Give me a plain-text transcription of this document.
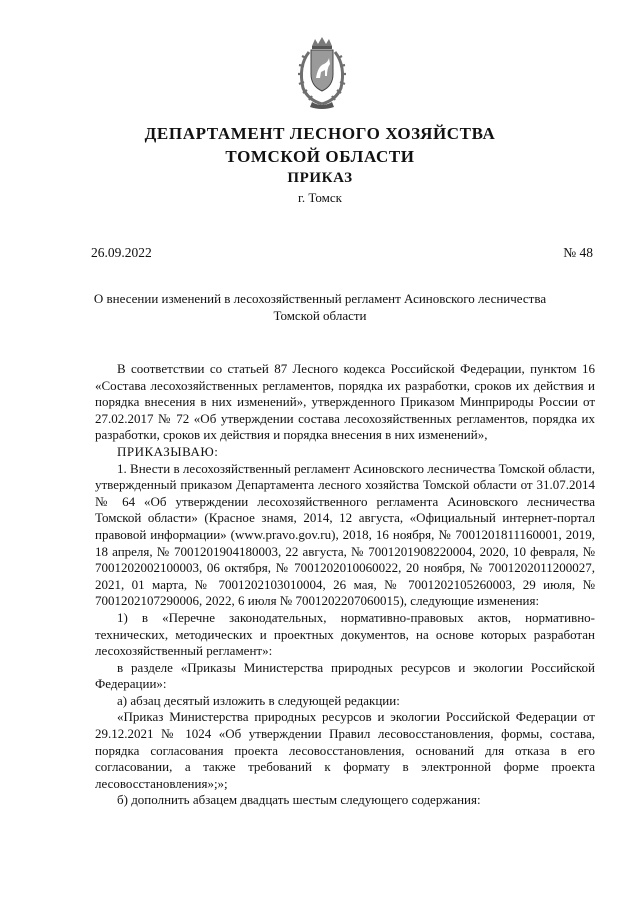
ДЕПАРТАМЕНТ ЛЕСНОГО ХОЗЯЙСТВА
ТОМСКОЙ ОБЛАСТИ
ПРИКАЗ
г. Томск
26.09.2022	№ 48
О внесении изменений в лесохозяйственный регламент Асиновского лесничества
Томской области

В соответствии со статьей 87 Лесного кодекса Российской Федерации, пунктом 16 «Состава лесохозяйственных регламентов, порядка их разработки, сроков их действия и порядка внесения в них изменений», утвержденного Приказом Минприроды России от 27.02.2017 № 72 «Об утверждении состава лесохозяйственных регламентов, порядка их разработки, сроков их действия и порядка внесения в них изменений»,

ПРИКАЗЫВАЮ:

1. Внести в лесохозяйственный регламент Асиновского лесничества Томской области, утвержденный приказом Департамента лесного хозяйства Томской области от 31.07.2014 № 64 «Об утверждении лесохозяйственного регламента Асиновского лесничества Томской области» (Красное знамя, 2014, 12 августа, «Официальный интернет-портал правовой информации» (www.pravo.gov.ru), 2018, 16 ноября, № 7001201811160001, 2019, 18 апреля, № 7001201904180003, 22 августа, № 7001201908220004, 2020, 10 февраля, № 7001202002100003, 06 октября, № 7001202010060022, 20 ноября, № 7001202011200027, 2021, 01 марта, № 7001202103010004, 26 мая, № 7001202105260003, 29 июля, № 7001202107290006, 2022, 6 июля № 7001202207060015), следующие изменения:

1) в «Перечне законодательных, нормативно-правовых актов, нормативно-технических, методических и проектных документов, на основе которых разработан лесохозяйственный регламент»:

в разделе «Приказы Министерства природных ресурсов и экологии Российской Федерации»:

а) абзац десятый изложить в следующей редакции:

«Приказ Министерства природных ресурсов и экологии Российской Федерации от 29.12.2021 № 1024 «Об утверждении Правил лесовосстановления, формы, состава, порядка согласования проекта лесовосстановления, оснований для отказа в его согласовании, а также требований к формату в электронной форме проекта лесовосстановления»;»;

б) дополнить абзацем двадцать шестым следующего содержания:
